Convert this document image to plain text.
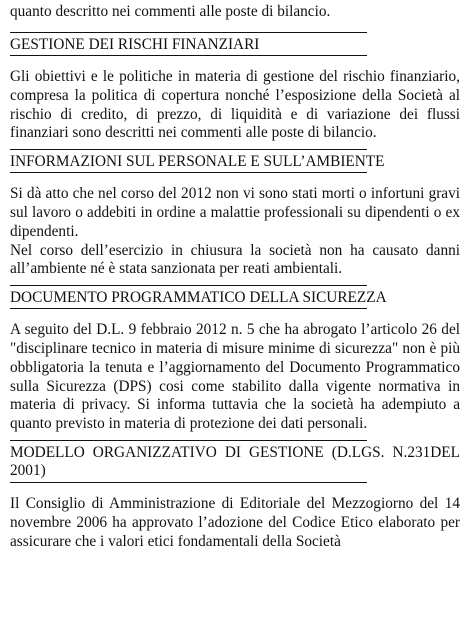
quanto descritto nei commenti alle poste di bilancio.

GESTIONE DEI RISCHI FINANZIARI

Gli obiettivi e le politiche in materia di gestione del rischio finanziario, compresa la politica di copertura nonché l’esposizione della Società al rischio di credito, di prezzo, di liquidità e di variazione dei flussi finanziari sono descritti nei commenti alle poste di bilancio.

INFORMAZIONI SUL PERSONALE E SULL’AMBIENTE

Si dà atto che nel corso del 2012 non vi sono stati morti o infortuni gravi sul lavoro o addebiti in ordine a malattie professionali su dipendenti o ex dipendenti.

Nel corso dell’esercizio in chiusura la società non ha causato danni all’ambiente né è stata sanzionata per reati ambientali.

DOCUMENTO PROGRAMMATICO DELLA SICUREZZA

A seguito del D.L. 9 febbraio 2012 n. 5 che ha abrogato l’articolo 26 del "disciplinare tecnico in materia di misure minime di sicurezza" non è più obbligatoria la tenuta e l’aggiornamento del Documento Programmatico sulla Sicurezza (DPS) cosi come stabilito dalla vigente normativa in materia di privacy. Si informa tuttavia che la società ha adempiuto a quanto previsto in materia di protezione dei dati personali.

MODELLO ORGANIZZATIVO DI GESTIONE (D.LGS. N.231DEL 2001)

Il Consiglio di Amministrazione di Editoriale del Mezzogiorno del 14 novembre 2006 ha approvato l’adozione del Codice Etico elaborato per assicurare che i valori etici fondamentali della Società
